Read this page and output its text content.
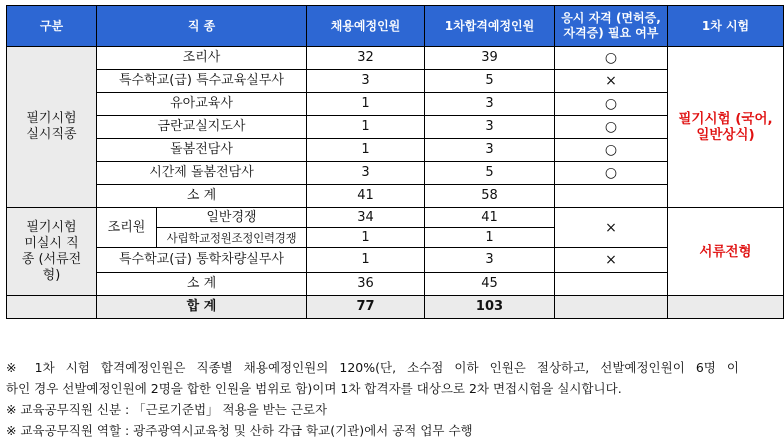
구분	직 종		채용예정인원	1차합격예정인원	응시 자격 (면허증, 자격증) 필요 여부	1차 시험
필기시험 실시직종	조리사		32	39	○	필기시험 (국어, 일반상식)
	특수학교(급) 특수교육실무사		3	5	×	
	유아교육사		1	3	○	
	금란교실지도사		1	3	○	
	돌봄전담사		1	3	○	
	시간제 돌봄전담사		3	5	○	
	소 계		41	58		
필기시험 미실시 직종 (서류전형)	조리원	일반경쟁	34	41	×	서류전형
		사립학교정원조정인력경쟁	1	1		
	특수학교(급) 통학차량실무사		1	3	×	
	소 계		36	45		
	합 계		77	103		

※ 1차 시험 합격예정인원은 직종별 채용예정인원의 120%(단, 소수점 이하 인원은 절상하고, 선발예정인원이 6명 이

하인 경우 선발예정인원에 2명을 합한 인원을 범위로 함)이며 1차 합격자를 대상으로 2차 면접시험을 실시합니다.

※ 교육공무직원 신분 : 「근로기준법」 적용을 받는 근로자

※ 교육공무직원 역할 : 광주광역시교육청 및 산하 각급 학교(기관)에서 공적 업무 수행
